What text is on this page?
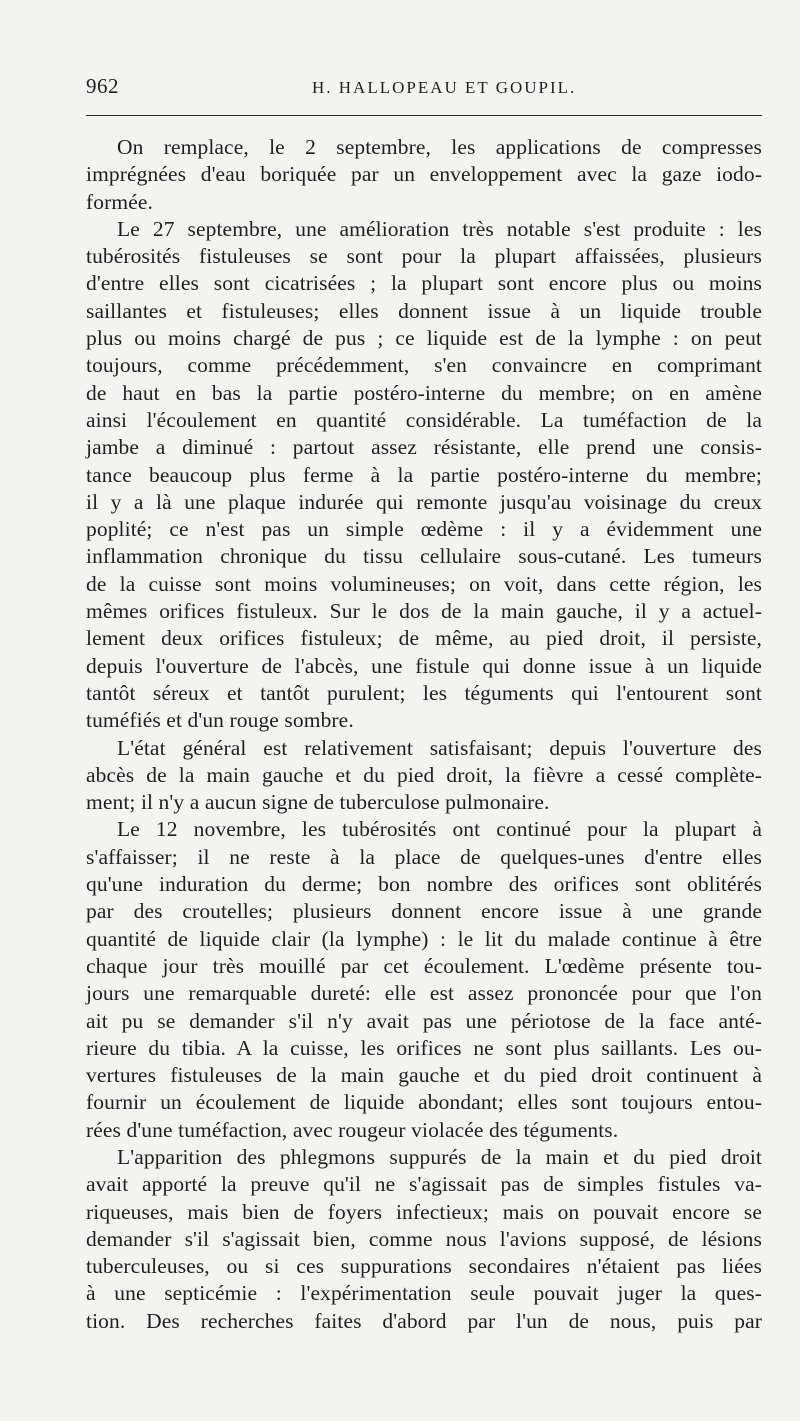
962	H. HALLOPEAU ET GOUPIL.
On remplace, le 2 septembre, les applications de compresses
imprégnées d'eau boriquée par un enveloppement avec la gaze iodo-
formée.
Le 27 septembre, une amélioration très notable s'est produite : les
tubérosités fistuleuses se sont pour la plupart affaissées, plusieurs
d'entre elles sont cicatrisées ; la plupart sont encore plus ou moins
saillantes et fistuleuses; elles donnent issue à un liquide trouble
plus ou moins chargé de pus ; ce liquide est de la lymphe : on peut
toujours, comme précédemment, s'en convaincre en comprimant
de haut en bas la partie postéro-interne du membre; on en amène
ainsi l'écoulement en quantité considérable. La tuméfaction de la
jambe a diminué : partout assez résistante, elle prend une consis-
tance beaucoup plus ferme à la partie postéro-interne du membre;
il y a là une plaque indurée qui remonte jusqu'au voisinage du creux
poplité; ce n'est pas un simple œdème : il y a évidemment une
inflammation chronique du tissu cellulaire sous-cutané. Les tumeurs
de la cuisse sont moins volumineuses; on voit, dans cette région, les
mêmes orifices fistuleux. Sur le dos de la main gauche, il y a actuel-
lement deux orifices fistuleux; de même, au pied droit, il persiste,
depuis l'ouverture de l'abcès, une fistule qui donne issue à un liquide
tantôt séreux et tantôt purulent; les téguments qui l'entourent sont
tuméfiés et d'un rouge sombre.
L'état général est relativement satisfaisant; depuis l'ouverture des
abcès de la main gauche et du pied droit, la fièvre a cessé complète-
ment; il n'y a aucun signe de tuberculose pulmonaire.
Le 12 novembre, les tubérosités ont continué pour la plupart à
s'affaisser; il ne reste à la place de quelques-unes d'entre elles
qu'une induration du derme; bon nombre des orifices sont oblitérés
par des croutelles; plusieurs donnent encore issue à une grande
quantité de liquide clair (la lymphe) : le lit du malade continue à être
chaque jour très mouillé par cet écoulement. L'œdème présente tou-
jours une remarquable dureté: elle est assez prononcée pour que l'on
ait pu se demander s'il n'y avait pas une périotose de la face anté-
rieure du tibia. A la cuisse, les orifices ne sont plus saillants. Les ou-
vertures fistuleuses de la main gauche et du pied droit continuent à
fournir un écoulement de liquide abondant; elles sont toujours entou-
rées d'une tuméfaction, avec rougeur violacée des téguments.
L'apparition des phlegmons suppurés de la main et du pied droit
avait apporté la preuve qu'il ne s'agissait pas de simples fistules va-
riqueuses, mais bien de foyers infectieux; mais on pouvait encore se
demander s'il s'agissait bien, comme nous l'avions supposé, de lésions
tuberculeuses, ou si ces suppurations secondaires n'étaient pas liées
à une septicémie : l'expérimentation seule pouvait juger la ques-
tion. Des recherches faites d'abord par l'un de nous, puis par
